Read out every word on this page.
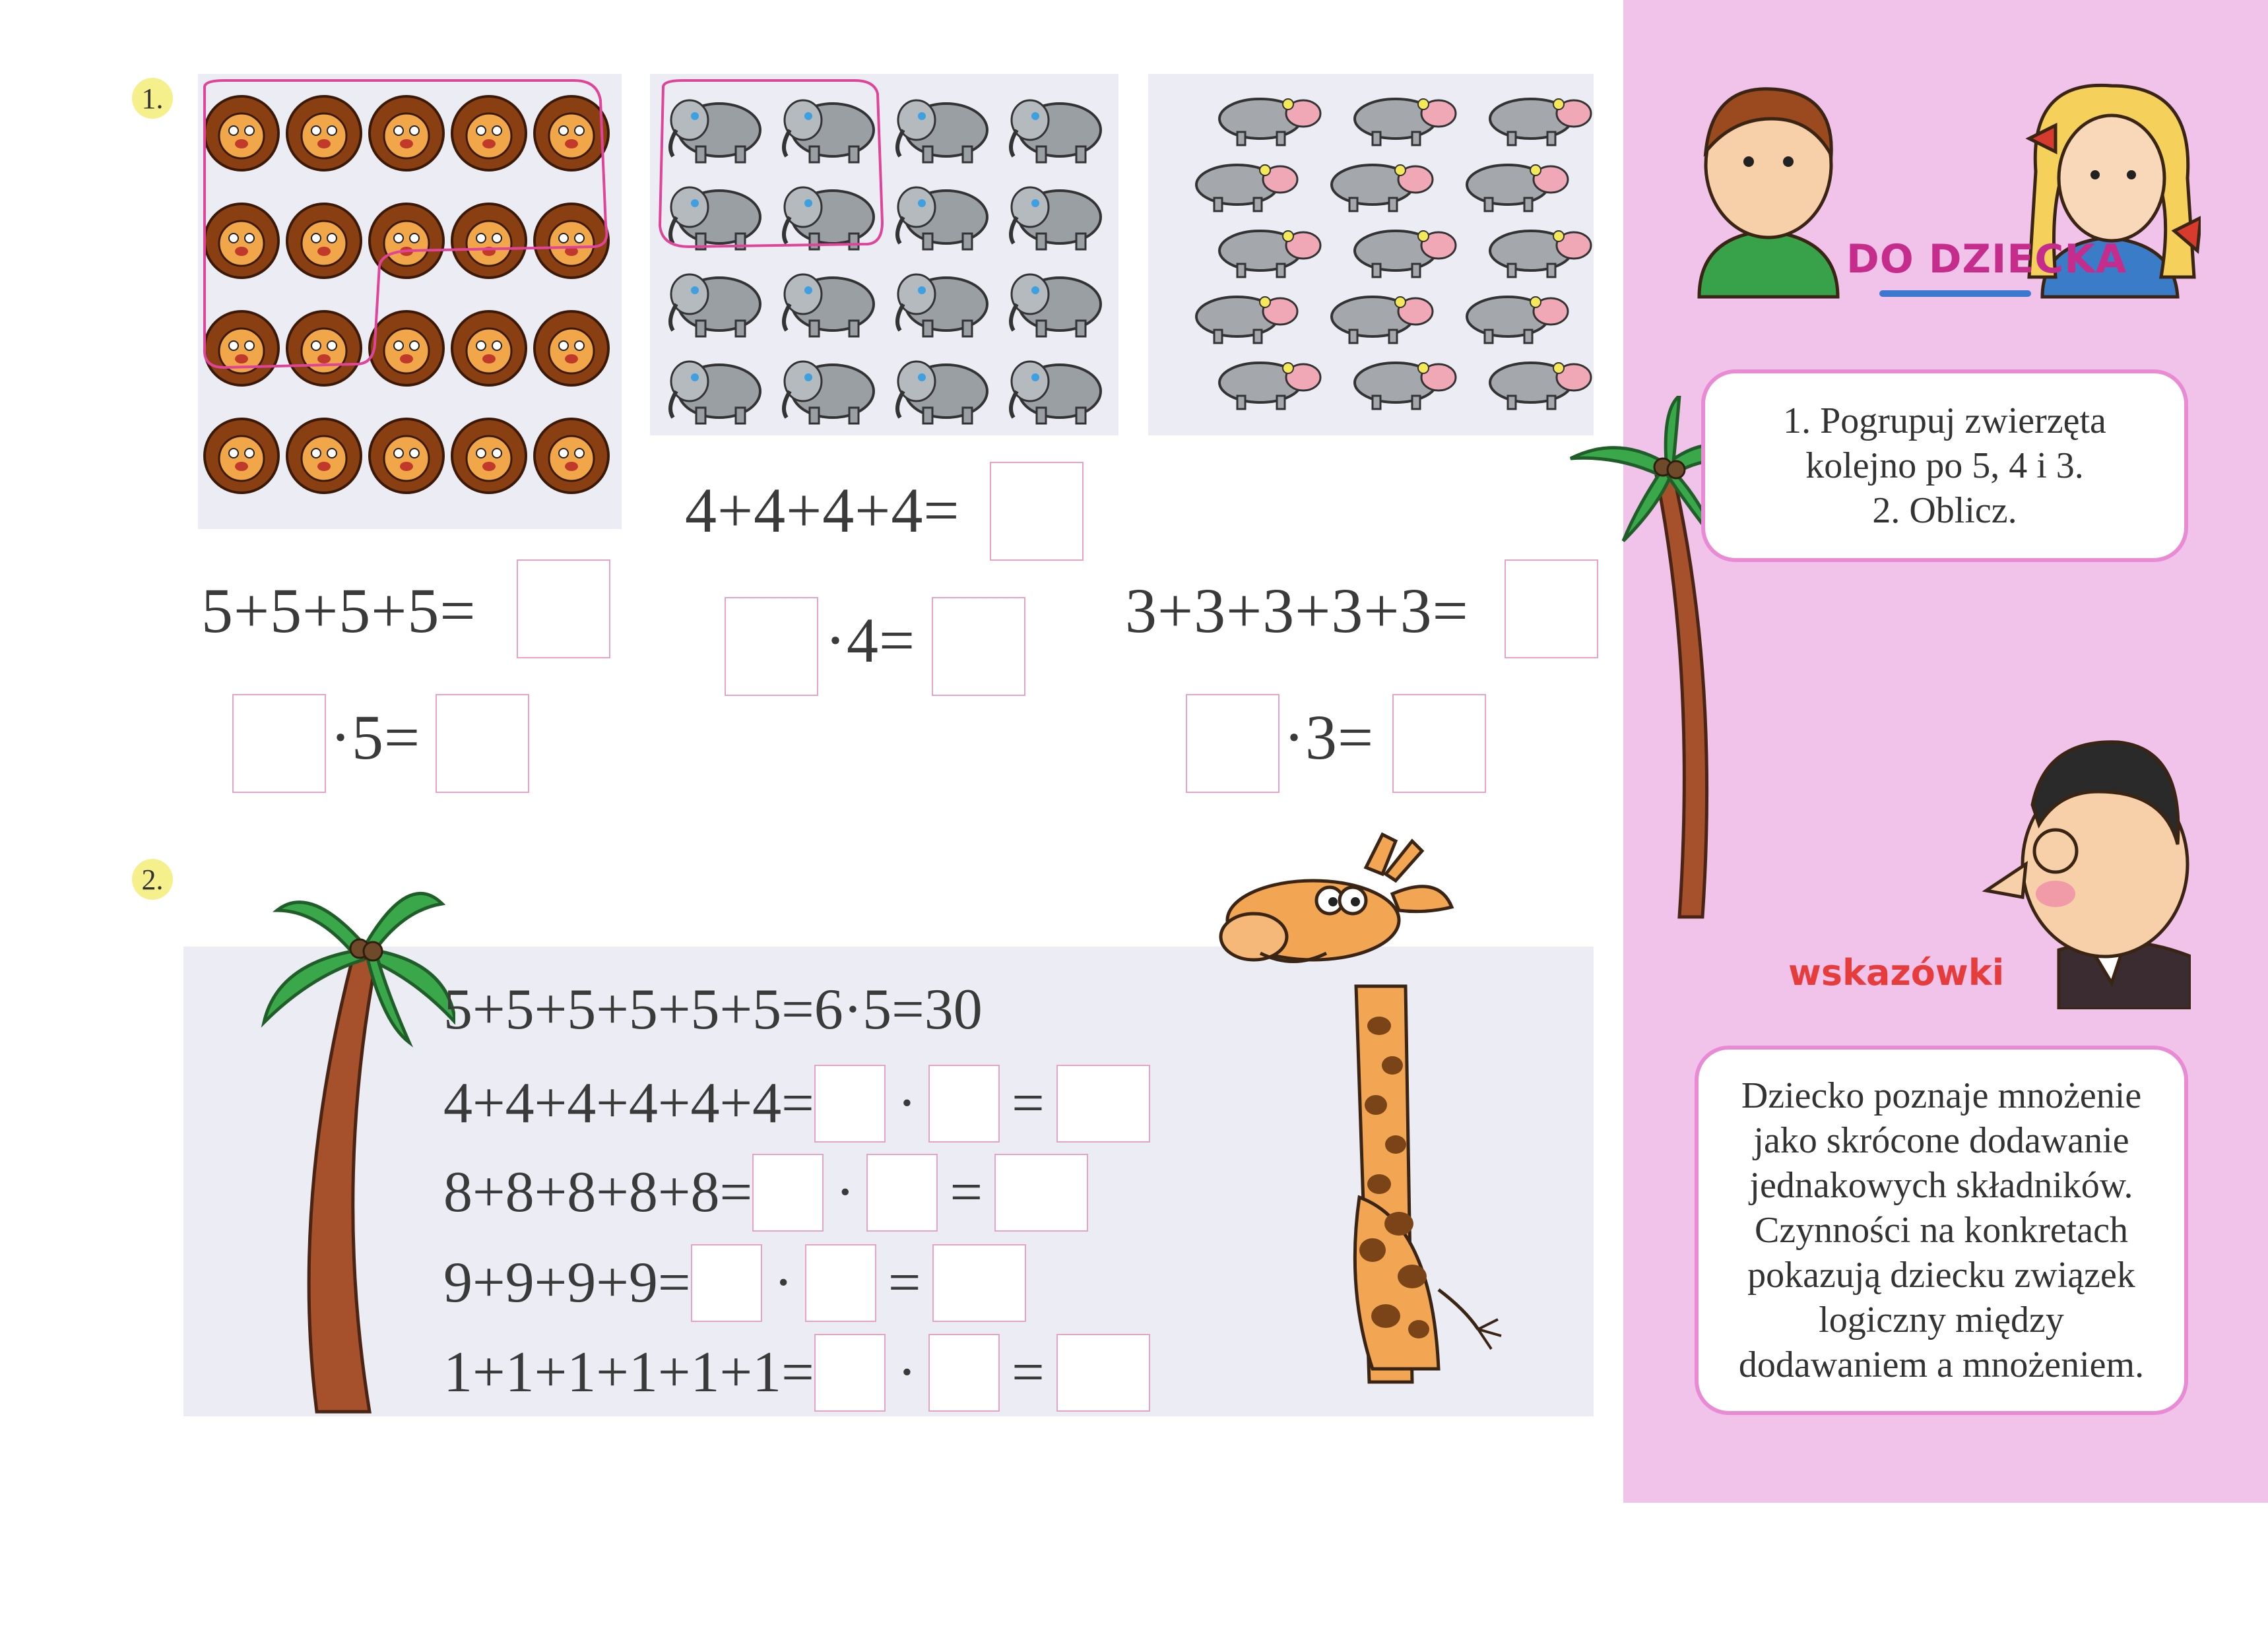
1.
5+5+5+5=
·5=
4+4+4+4=
·4=	3+3+3+3+3=
·3=
2.
5+5+5+5+5+5=6·5=30
4+4+4+4+4+4= · =
8+8+8+8+8= · =
9+9+9+9= · =
1+1+1+1+1+1= · =
DO DZIECKA
1. Pogrupuj zwierzęta
kolejno po 5, 4 i 3.
2. Oblicz.
wskazówki
Dziecko poznaje mnożenie
jako skrócone dodawanie
jednakowych składników.
Czynności na konkretach
pokazują dziecku związek
logiczny między
dodawaniem a mnożeniem.
